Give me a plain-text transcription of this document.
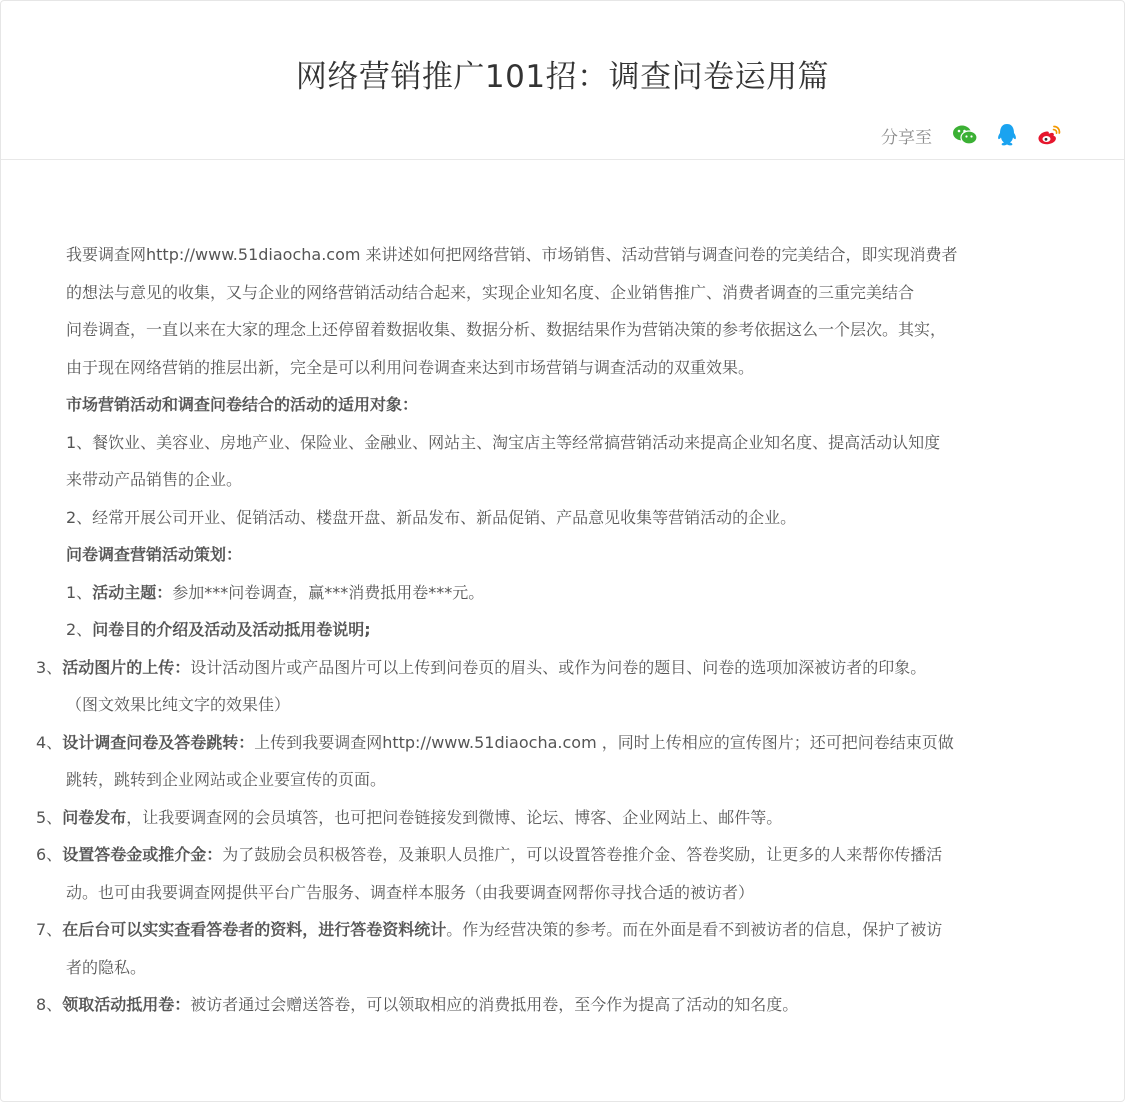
网络营销推广101招：调查问卷运用篇
分享至
我要调查网http://www.51diaocha.com 来讲述如何把网络营销、市场销售、活动营销与调查问卷的完美结合，即实现消费者
的想法与意见的收集，又与企业的网络营销活动结合起来，实现企业知名度、企业销售推广、消费者调查的三重完美结合
问卷调查，一直以来在大家的理念上还停留着数据收集、数据分析、数据结果作为营销决策的参考依据这么一个层次。其实，
由于现在网络营销的推层出新，完全是可以利用问卷调查来达到市场营销与调查活动的双重效果。
市场营销活动和调查问卷结合的活动的适用对象：
1、餐饮业、美容业、房地产业、保险业、金融业、网站主、淘宝店主等经常搞营销活动来提高企业知名度、提高活动认知度
来带动产品销售的企业。
2、经常开展公司开业、促销活动、楼盘开盘、新品发布、新品促销、产品意见收集等营销活动的企业。
问卷调查营销活动策划：
1、活动主题：参加***问卷调查，赢***消费抵用卷***元。
2、问卷目的介绍及活动及活动抵用卷说明;
3、活动图片的上传：设计活动图片或产品图片可以上传到问卷页的眉头、或作为问卷的题目、问卷的选项加深被访者的印象。
（图文效果比纯文字的效果佳）
4、设计调查问卷及答卷跳转：上传到我要调查网http://www.51diaocha.com ，同时上传相应的宣传图片；还可把问卷结束页做
跳转，跳转到企业网站或企业要宣传的页面。
5、问卷发布，让我要调查网的会员填答，也可把问卷链接发到微博、论坛、博客、企业网站上、邮件等。
6、设置答卷金或推介金：为了鼓励会员积极答卷，及兼职人员推广，可以设置答卷推介金、答卷奖励，让更多的人来帮你传播活
动。也可由我要调查网提供平台广告服务、调查样本服务（由我要调查网帮你寻找合适的被访者）
7、在后台可以实实查看答卷者的资料，进行答卷资料统计。作为经营决策的参考。而在外面是看不到被访者的信息，保护了被访
者的隐私。
8、领取活动抵用卷：被访者通过会赠送答卷，可以领取相应的消费抵用卷，至今作为提高了活动的知名度。
